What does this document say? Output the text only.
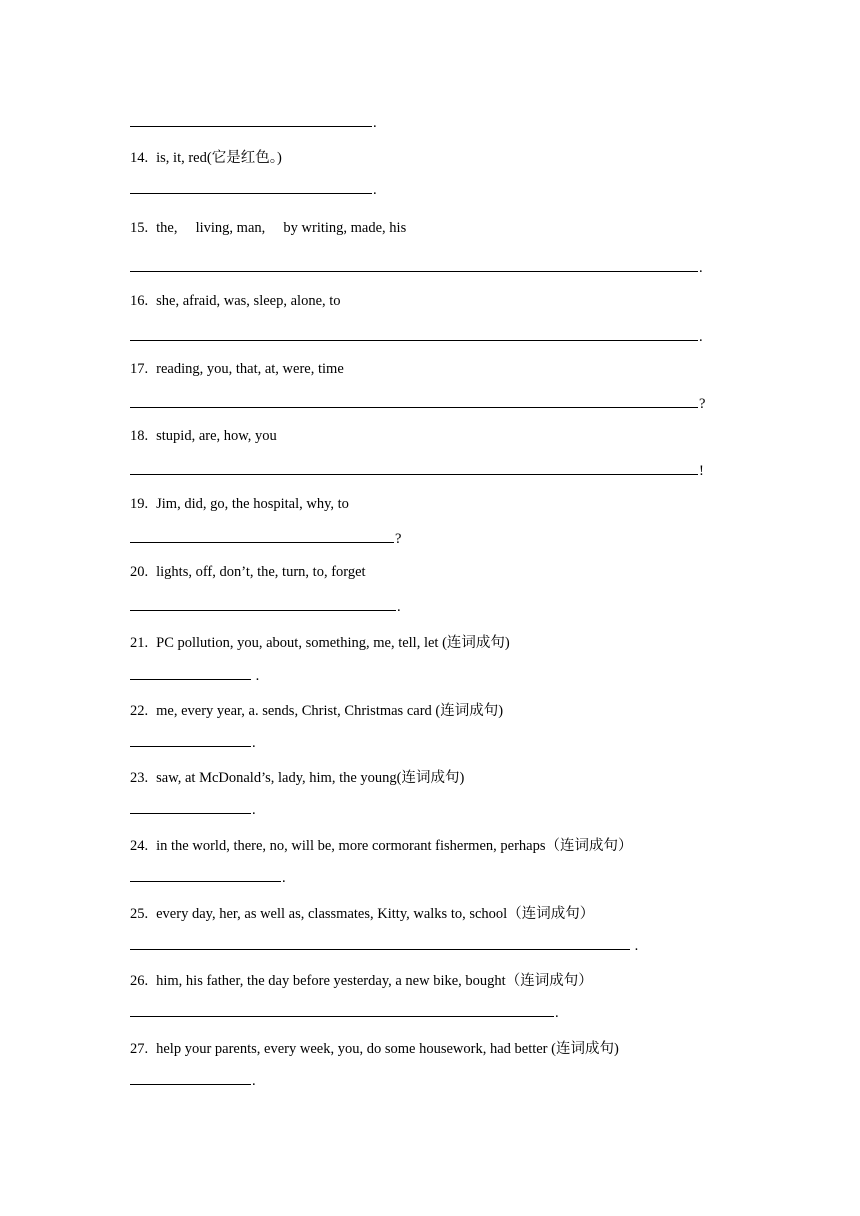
.
14. is, it, red(它是红色。)
.
15. the,     living, man,     by writing, made, his
.
16. she, afraid, was, sleep, alone, to
.
17. reading, you, that, at, were, time
?
18. stupid, are, how, you
!
19. Jim, did, go, the hospital, why, to
?
20. lights, off, don’t, the, turn, to, forget
.
21. PC pollution, you, about, something, me, tell, let (连词成句)
.
22. me, every year, a. sends, Christ, Christmas card (连词成句)
.
23. saw, at McDonald’s, lady, him, the young(连词成句)
.
24. in the world, there, no, will be, more cormorant fishermen, perhaps（连词成句）
.
25. every day, her, as well as, classmates, Kitty, walks to, school（连词成句）
.
26. him, his father, the day before yesterday, a new bike, bought（连词成句）
.
27. help your parents, every week, you, do some housework, had better (连词成句)
.
